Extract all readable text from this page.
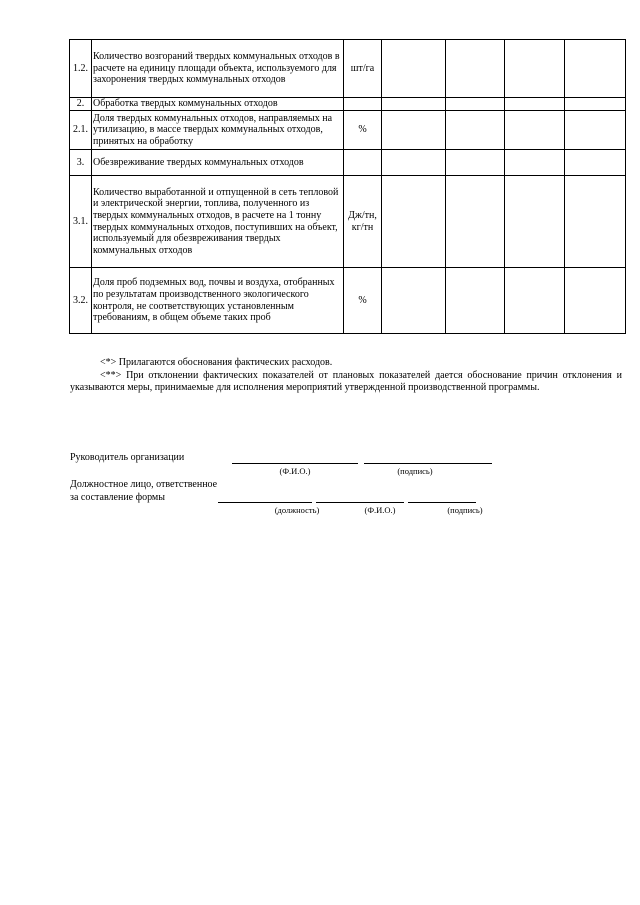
1.2.	Количество возгораний твердых коммунальных отходов в расчете на единицу площади объекта, используемого для захоронения твердых коммунальных отходов	шт/га				
2.	Обработка твердых коммунальных отходов					
2.1.	Доля твердых коммунальных отходов, направляемых на утилизацию, в массе твердых коммунальных отходов, принятых на обработку	%				
3.	Обезвреживание твердых коммунальных отходов					
3.1.	Количество выработанной и отпущенной в сеть тепловой и электрической энергии, топлива, полученного из твердых коммунальных отходов, в расчете на 1 тонну твердых коммунальных отходов, поступивших на объект, используемый для обезвреживания твердых коммунальных отходов	Дж/тн, кг/тн				
3.2.	Доля проб подземных вод, почвы и воздуха, отобранных по результатам производственного экологического контроля, не соответствующих установленным требованиям, в общем объеме таких проб	%				

<*> Прилагаются обоснования фактических расходов.

<**> При отклонении фактических показателей от плановых показателей дается обоснование причин отклонения и указываются меры, принимаемые для исполнения мероприятий утвержденной производственной программы.

Руководитель организации
(Ф.И.О.)	(подпись)
Должностное лицо, ответственное
за составление формы
(должность)	(Ф.И.О.)	(подпись)
